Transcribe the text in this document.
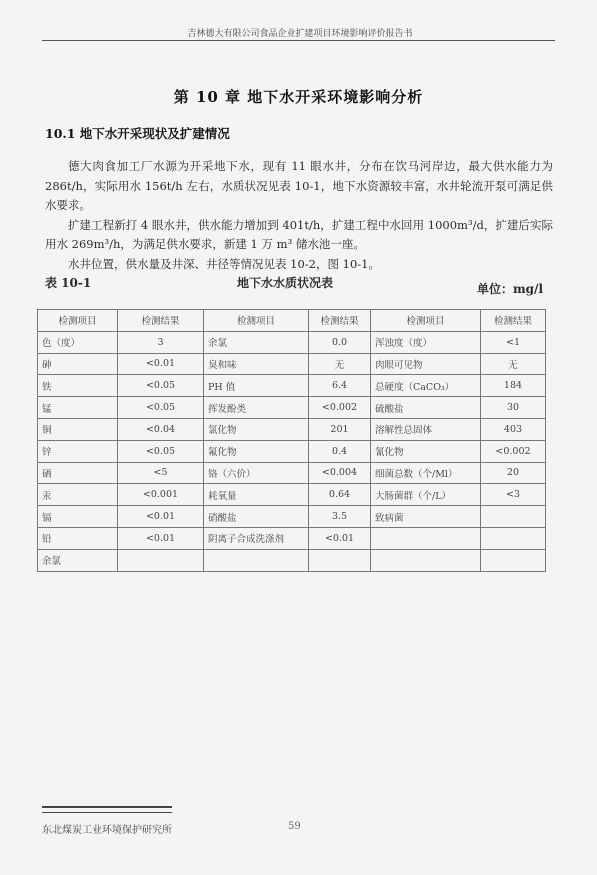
吉林德大有限公司食品企业扩建项目环境影响评价报告书
第 10 章 地下水开采环境影响分析
10.1 地下水开采现状及扩建情况

德大肉食加工厂水源为开采地下水，现有 11 眼水井，分布在饮马河岸边，最大供水能力为 286t/h，实际用水 156t/h 左右，水质状况见表 10-1，地下水资源较丰富，水井轮流开泵可满足供水要求。

扩建工程新打 4 眼水井，供水能力增加到 401t/h，扩建工程中水回用 1000m³/d，扩建后实际用水 269m³/h，为满足供水要求，新建 1 万 m³ 储水池一座。

水井位置，供水量及井深、井径等情况见表 10-2，图 10-1。

表 10-1	地下水水质状况表	单位：mg/l
检测项目	检测结果	检测项目	检测结果	检测项目	检测结果
色（度）	3	余氯	0.0	浑浊度（度）	<1
砷	<0.01	臭和味	无	肉眼可见物	无
铁	<0.05	PH 值	6.4	总硬度（CaCO₃）	184
锰	<0.05	挥发酚类	<0.002	硫酸盐	30
铜	<0.04	氯化物	201	溶解性总固体	403
锌	<0.05	氟化物	0.4	氰化物	<0.002
硒	<5	铬（六价）	<0.004	细菌总数（个/Ml）	20
汞	<0.001	耗氧量	0.64	大肠菌群（个/L）	<3
镉	<0.01	硝酸盐	3.5	致病菌	
铅	<0.01	阴离子合成洗涤剂	<0.01		
余氯					
东北煤炭工业环境保护研究所	59
